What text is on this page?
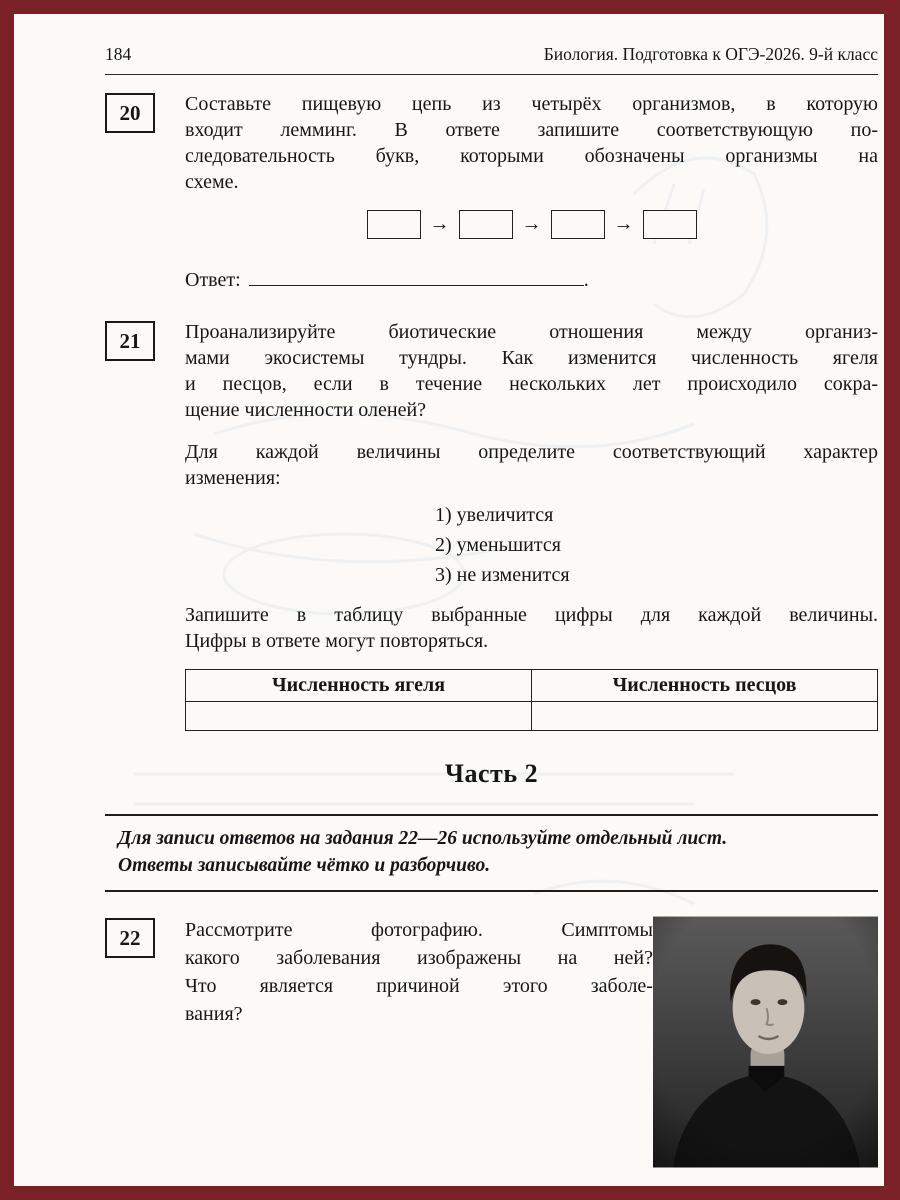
184	Биология. Подготовка к ОГЭ-2026. 9-й класс
20	Составьте пищевую цепь из четырёх организмов, в которую
входит лемминг. В ответе запишите соответствующую по-
следовательность букв, которыми обозначены организмы на
схеме.
→	→	→
Ответ:	.
21	Проанализируйте биотические отношения между организ-
мами экосистемы тундры. Как изменится численность ягеля
и песцов, если в течение нескольких лет происходило сокра-
щение численности оленей?
Для каждой величины определите соответствующий характер
изменения:
1) увеличится
2) уменьшится
3) не изменится
Запишите в таблицу выбранные цифры для каждой величины.
Цифры в ответе могут повторяться.
Численность ягеля	Численность песцов

Часть 2
Для записи ответов на задания 22—26 используйте отдельный лист.
Ответы записывайте чётко и разборчиво.
22	Рассмотрите фотографию. Симптомы
какого заболевания изображены на ней?
Что является причиной этого заболе-
вания?
